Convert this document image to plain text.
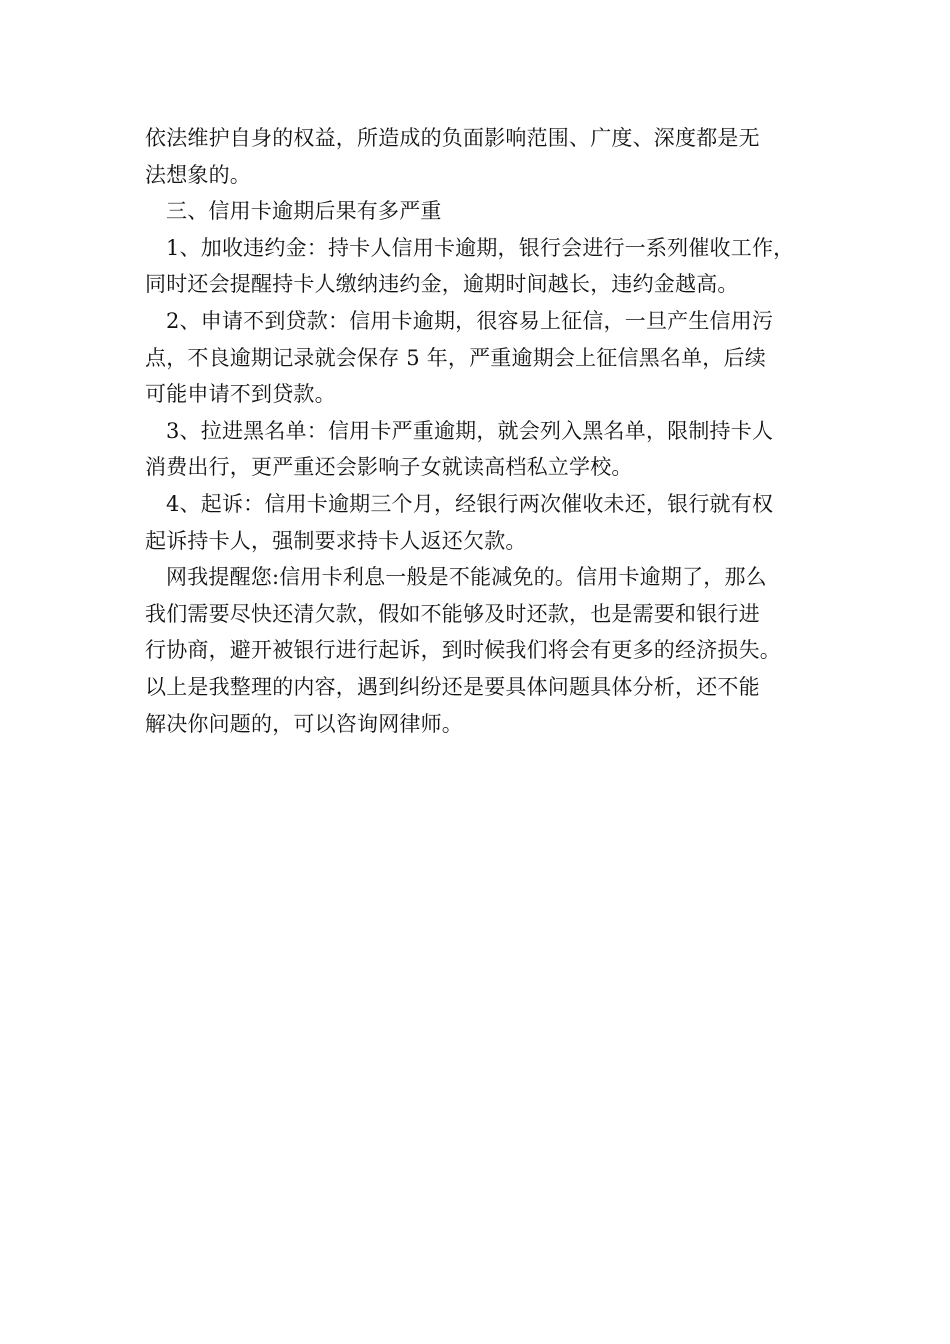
依法维护自身的权益，所造成的负面影响范围、广度、深度都是无
法想象的。
三、信用卡逾期后果有多严重
1、加收违约金：持卡人信用卡逾期，银行会进行一系列催收工作，
同时还会提醒持卡人缴纳违约金，逾期时间越长，违约金越高。
2、申请不到贷款：信用卡逾期，很容易上征信，一旦产生信用污
点，不良逾期记录就会保存 5 年，严重逾期会上征信黑名单，后续
可能申请不到贷款。
3、拉进黑名单：信用卡严重逾期，就会列入黑名单，限制持卡人
消费出行，更严重还会影响子女就读高档私立学校。
4、起诉：信用卡逾期三个月，经银行两次催收未还，银行就有权
起诉持卡人，强制要求持卡人返还欠款。
网我提醒您:信用卡利息一般是不能减免的。信用卡逾期了，那么
我们需要尽快还清欠款，假如不能够及时还款，也是需要和银行进
行协商，避开被银行进行起诉，到时候我们将会有更多的经济损失。
以上是我整理的内容，遇到纠纷还是要具体问题具体分析，还不能
解决你问题的，可以咨询网律师。
